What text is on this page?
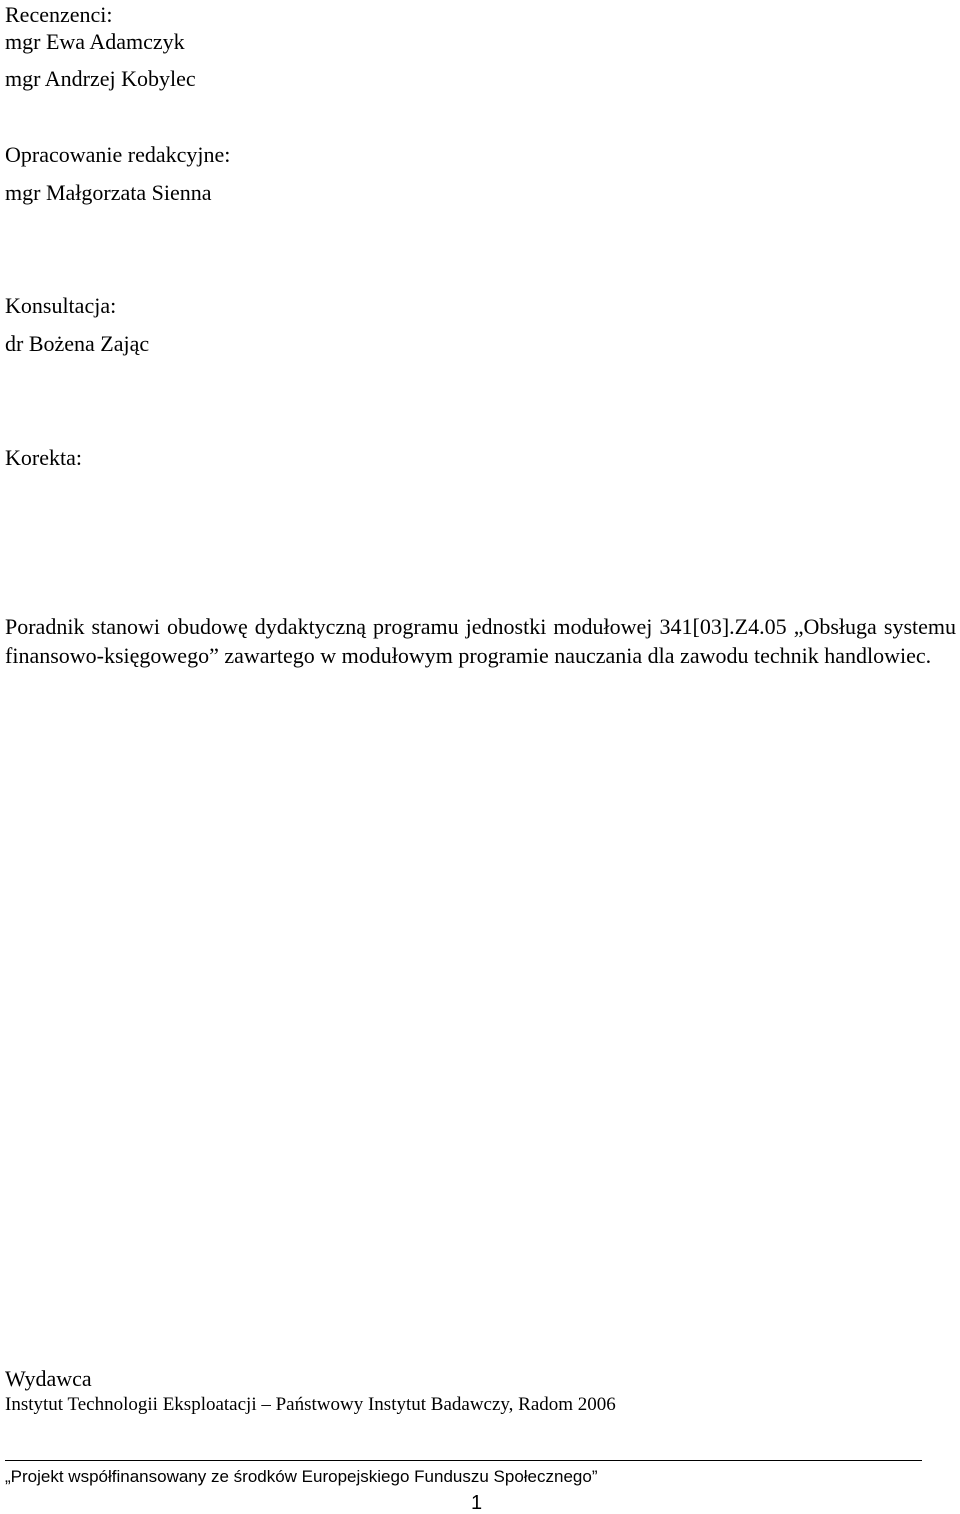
Recenzenci:
mgr Ewa Adamczyk
mgr Andrzej Kobylec
Opracowanie redakcyjne:
mgr Małgorzata Sienna
Konsultacja:
dr Bożena Zając
Korekta:
Poradnik stanowi obudowę dydaktyczną programu jednostki modułowej 341[03].Z4.05 „Obsługa systemu finansowo-księgowego” zawartego w modułowym programie nauczania dla zawodu technik handlowiec.
Wydawca
Instytut Technologii Eksploatacji – Państwowy Instytut Badawczy, Radom 2006
„Projekt współfinansowany ze środków Europejskiego Funduszu Społecznego”
1
